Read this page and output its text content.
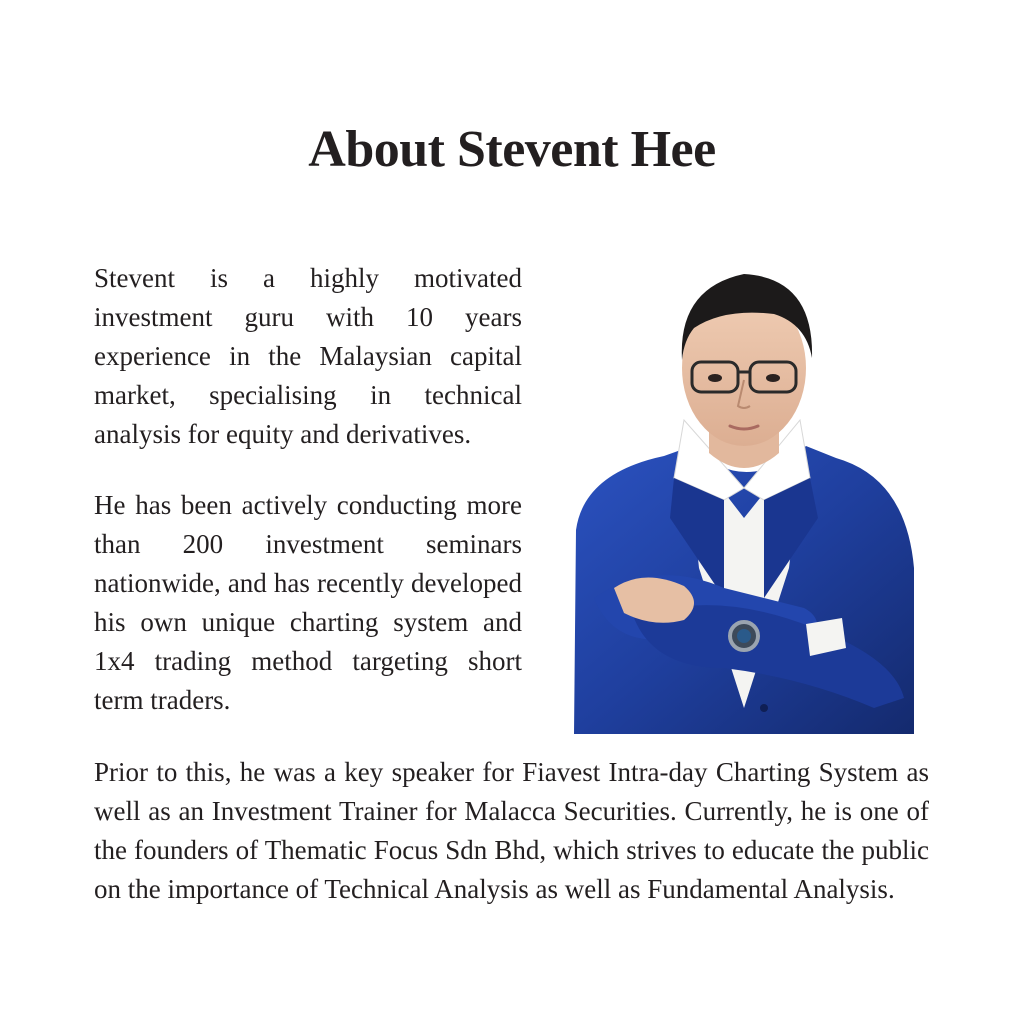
About Stevent Hee

Stevent is a highly motivated investment guru with 10 years experience in the Malaysian capital market, specialising in technical analysis for equity and derivatives.

He has been actively conducting more than 200 investment seminars nationwide, and has recently developed his own unique charting system and 1x4 trading method targeting short term traders.

Prior to this, he was a key speaker for Fiavest Intra-day Charting System as well as an Investment Trainer for Malacca Securities. Currently, he is one of the founders of Thematic Focus Sdn Bhd, which strives to educate the public on the importance of Technical Analysis as well as Fundamental Analysis.
